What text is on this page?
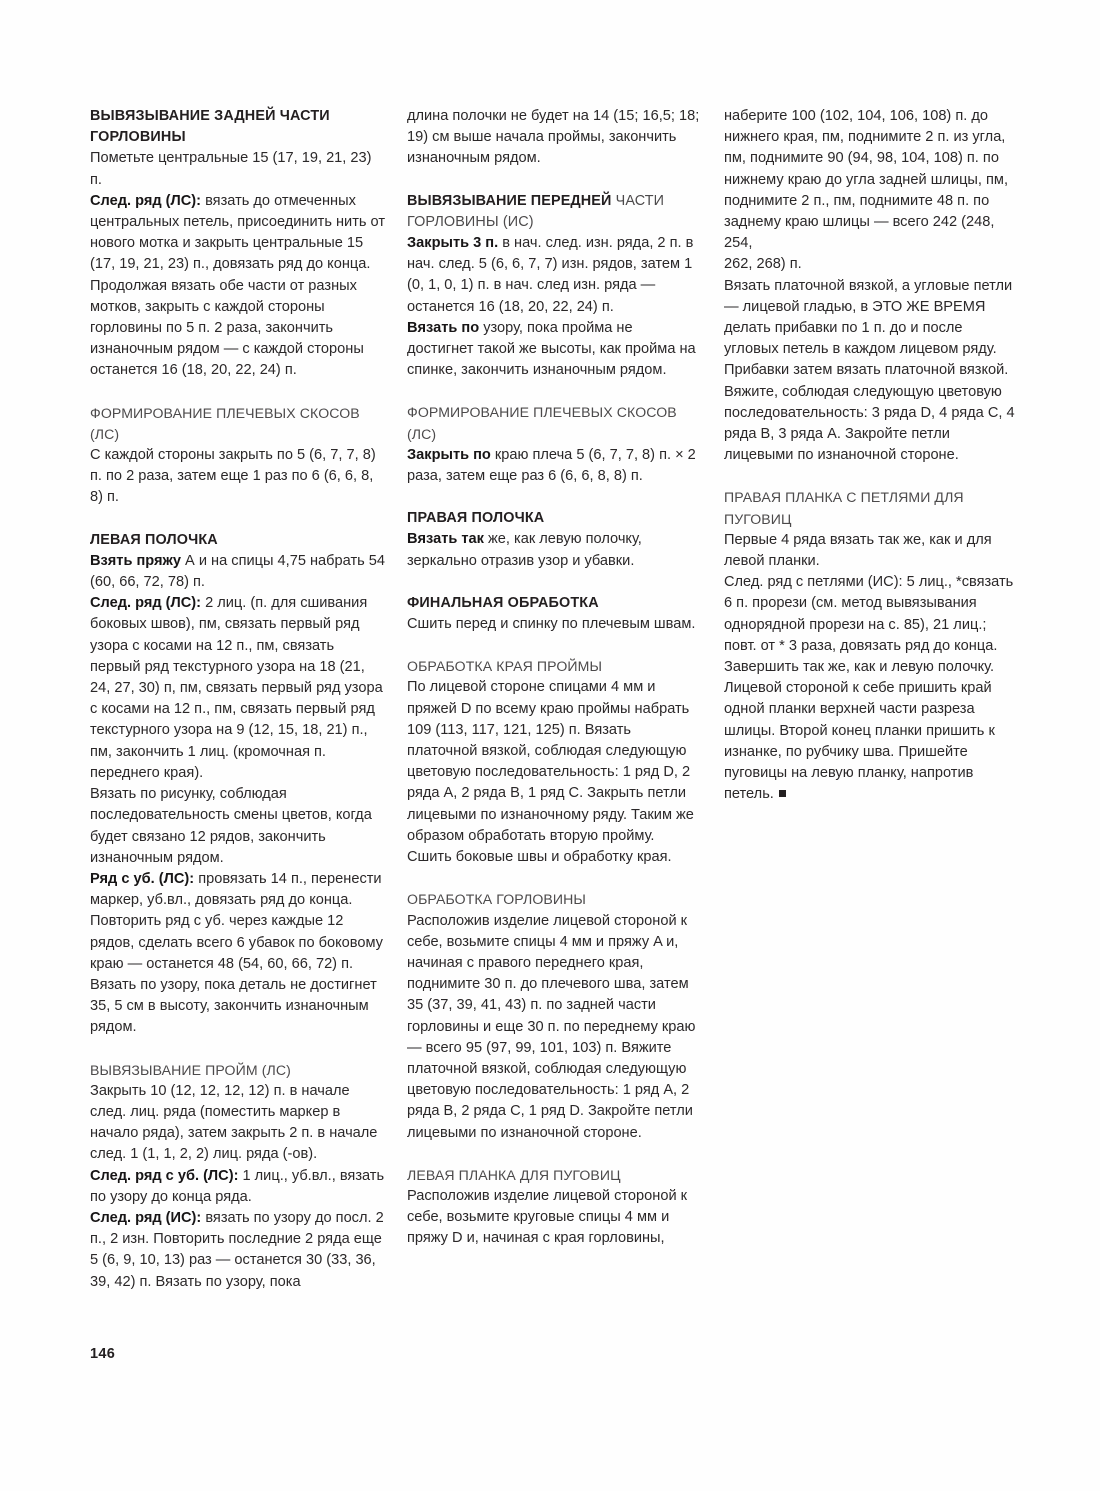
ВЫВЯЗЫВАНИЕ ЗАДНЕЙ ЧАСТИ ГОРЛОВИНЫ

Пометьте центральные 15 (17, 19, 21, 23) п.

След. ряд (ЛС): вязать до отмеченных центральных петель, присоединить нить от нового мотка и закрыть центральные 15 (17, 19, 21, 23) п., довязать ряд до конца. Продолжая вязать обе части от разных мотков, закрыть с каждой стороны горловины по 5 п. 2 раза, закончить изнаночным рядом — с каждой стороны останется 16 (18, 20, 22, 24) п.

ФОРМИРОВАНИЕ ПЛЕЧЕВЫХ СКОСОВ (ЛС)

С каждой стороны закрыть по 5 (6, 7, 7, 8) п. по 2 раза, затем еще 1 раз по 6 (6, 6, 8, 8) п.

ЛЕВАЯ ПОЛОЧКА

Взять пряжу А и на спицы 4,75 набрать 54 (60, 66, 72, 78) п.

След. ряд (ЛС): 2 лиц. (п. для сшивания боковых швов), пм, связать первый ряд узора с косами на 12 п., пм, связать первый ряд текстурного узора на 18 (21, 24, 27, 30) п, пм, связать первый ряд узора с косами на 12 п., пм, связать первый ряд текстурного узора на 9 (12, 15, 18, 21) п., пм, закончить 1 лиц. (кромочная п. переднего края).

Вязать по рисунку, соблюдая последовательность смены цветов, когда будет связано 12 рядов, закончить изнаночным рядом.

Ряд с уб. (ЛС): провязать 14 п., перенести маркер, уб.вл., довязать ряд до конца. Повторить ряд с уб. через каждые 12 рядов, сделать всего 6 убавок по боковому краю — останется 48 (54, 60, 66, 72) п. Вязать по узору, пока деталь не достигнет 35, 5 см в высоту, закончить изнаночным рядом.

ВЫВЯЗЫВАНИЕ ПРОЙМ (ЛС)

Закрыть 10 (12, 12, 12, 12) п. в начале след. лиц. ряда (поместить маркер в начало ряда), затем закрыть 2 п. в начале след. 1 (1, 1, 2, 2) лиц. ряда (-ов).

След. ряд с уб. (ЛС): 1 лиц., уб.вл., вязать по узору до конца ряда.

След. ряд (ИС): вязать по узору до посл. 2 п., 2 изн. Повторить последние 2 ряда еще 5 (6, 9, 10, 13) раз — останется 30 (33, 36, 39, 42) п. Вязать по узору, пока

длина полочки не будет на 14 (15; 16,5; 18; 19) см выше начала проймы, закончить изнаночным рядом.

ВЫВЯЗЫВАНИЕ ПЕРЕДНЕЙ ЧАСТИ ГОРЛОВИНЫ (ИС)

Закрыть 3 п. в нач. след. изн. ряда, 2 п. в нач. след. 5 (6, 6, 7, 7) изн. рядов, затем 1 (0, 1, 0, 1) п. в нач. след изн. ряда — останется 16 (18, 20, 22, 24) п.

Вязать по узору, пока пройма не достигнет такой же высоты, как пройма на спинке, закончить изнаночным рядом.

ФОРМИРОВАНИЕ ПЛЕЧЕВЫХ СКОСОВ (ЛС)

Закрыть по краю плеча 5 (6, 7, 7, 8) п. × 2 раза, затем еще раз 6 (6, 6, 8, 8) п.

ПРАВАЯ ПОЛОЧКА

Вязать так же, как левую полочку, зеркально отразив узор и убавки.

ФИНАЛЬНАЯ ОБРАБОТКА

Сшить перед и спинку по плечевым швам.

ОБРАБОТКА КРАЯ ПРОЙМЫ

По лицевой стороне спицами 4 мм и пряжей D по всему краю проймы набрать 109 (113, 117, 121, 125) п. Вязать платочной вязкой, соблюдая следующую цветовую последовательность: 1 ряд D, 2 ряда A, 2 ряда B, 1 ряд C. Закрыть петли лицевыми по изнаночному ряду. Таким же образом обработать вторую пройму. Сшить боковые швы и обработку края.

ОБРАБОТКА ГОРЛОВИНЫ

Расположив изделие лицевой стороной к себе, возьмите спицы 4 мм и пряжу A и, начиная с правого переднего края, поднимите 30 п. до плечевого шва, затем 35 (37, 39, 41, 43) п. по задней части горловины и еще 30 п. по переднему краю — всего 95 (97, 99, 101, 103) п. Вяжите платочной вязкой, соблюдая следующую цветовую последовательность: 1 ряд A, 2 ряда B, 2 ряда C, 1 ряд D. Закройте петли лицевыми по изнаночной стороне.

ЛЕВАЯ ПЛАНКА ДЛЯ ПУГОВИЦ

Расположив изделие лицевой стороной к себе, возьмите круговые спицы 4 мм и пряжу D и, начиная с края горловины,

наберите 100 (102, 104, 106, 108) п. до нижнего края, пм, поднимите 2 п. из угла, пм, поднимите 90 (94, 98, 104, 108) п. по нижнему краю до угла задней шлицы, пм, поднимите 2 п., пм, поднимите 48 п. по заднему краю шлицы — всего 242 (248, 254,

262, 268) п.

Вязать платочной вязкой, а угловые петли — лицевой гладью, в ЭТО ЖЕ ВРЕМЯ делать прибавки по 1 п. до и после угловых петель в каждом лицевом ряду. Прибавки затем вязать платочной вязкой.

Вяжите, соблюдая следующую цветовую последовательность: 3 ряда D, 4 ряда C, 4 ряда B, 3 ряда A. Закройте петли лицевыми по изнаночной стороне.

ПРАВАЯ ПЛАНКА С ПЕТЛЯМИ ДЛЯ ПУГОВИЦ

Первые 4 ряда вязать так же, как и для левой планки.

След. ряд с петлями (ИС): 5 лиц., *связать 6 п. прорези (см. метод вывязывания однорядной прорези на с. 85), 21 лиц.; повт. от * 3 раза, довязать ряд до конца. Завершить так же, как и левую полочку. Лицевой стороной к себе пришить край одной планки верхней части разреза шлицы. Второй конец планки пришить к изнанке, по рубчику шва. Пришейте пуговицы на левую планку, напротив петель.

146
